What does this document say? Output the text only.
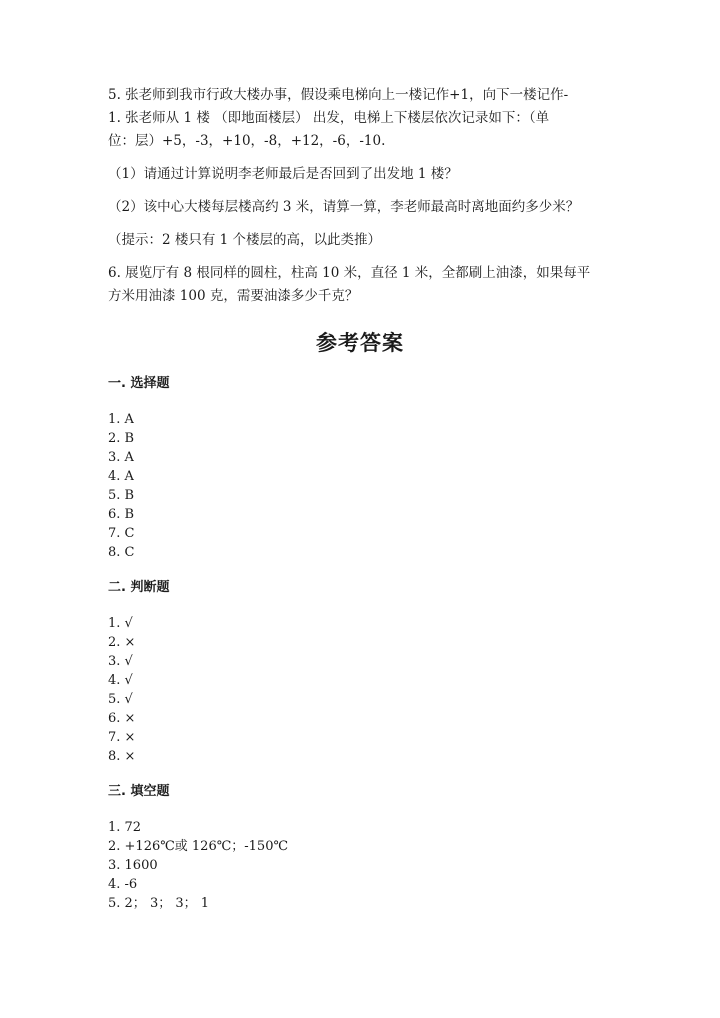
5. 张老师到我市行政大楼办事，假设乘电梯向上一楼记作+1，向下一楼记作-

1. 张老师从 1 楼 （即地面楼层） 出发，电梯上下楼层依次记录如下：（单

位：层）+5，-3，+10，-8，+12，-6，-10.

（1）请通过计算说明李老师最后是否回到了出发地 1 楼？

（2）该中心大楼每层楼高约 3 米，请算一算，李老师最高时离地面约多少米？

（提示：2 楼只有 1 个楼层的高，以此类推）

6. 展览厅有 8 根同样的圆柱，柱高 10 米，直径 1 米，全都刷上油漆，如果每平

方米用油漆 100 克，需要油漆多少千克？

参考答案
一. 选择题
1. A
2. B
3. A
4. A
5. B
6. B
7. C
8. C
二. 判断题
1. √
2. ×
3. √
4. √
5. √
6. ×
7. ×
8. ×
三. 填空题
1. 72
2. +126℃或 126℃；-150℃
3. 1600
4. -6
5. 2； 3； 3； 1
